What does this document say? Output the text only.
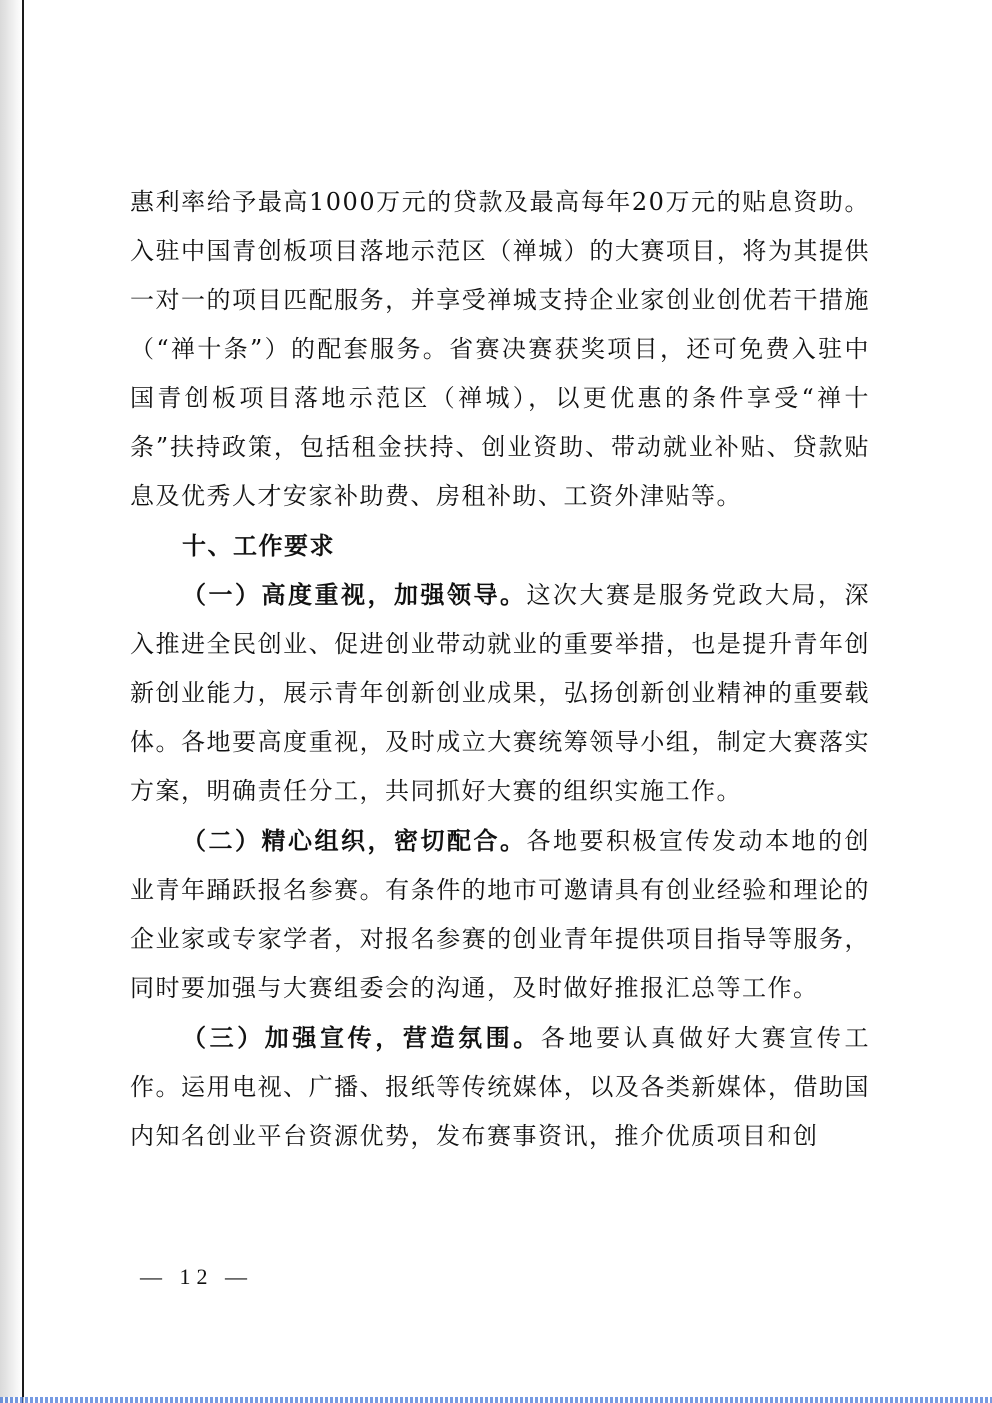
惠利率给予最高1000万元的贷款及最高每年20万元的贴息资助。入驻中国青创板项目落地示范区（禅城）的大赛项目，将为其提供一对一的项目匹配服务，并享受禅城支持企业家创业创优若干措施（“禅十条”）的配套服务。省赛决赛获奖项目，还可免费入驻中国青创板项目落地示范区（禅城），以更优惠的条件享受“禅十条”扶持政策，包括租金扶持、创业资助、带动就业补贴、贷款贴息及优秀人才安家补助费、房租补助、工资外津贴等。

十、工作要求

（一）高度重视，加强领导。这次大赛是服务党政大局，深入推进全民创业、促进创业带动就业的重要举措，也是提升青年创新创业能力，展示青年创新创业成果，弘扬创新创业精神的重要载体。各地要高度重视，及时成立大赛统筹领导小组，制定大赛落实方案，明确责任分工，共同抓好大赛的组织实施工作。

（二）精心组织，密切配合。各地要积极宣传发动本地的创业青年踊跃报名参赛。有条件的地市可邀请具有创业经验和理论的企业家或专家学者，对报名参赛的创业青年提供项目指导等服务，同时要加强与大赛组委会的沟通，及时做好推报汇总等工作。

（三）加强宣传，营造氛围。各地要认真做好大赛宣传工作。运用电视、广播、报纸等传统媒体，以及各类新媒体，借助国内知名创业平台资源优势，发布赛事资讯，推介优质项目和创

— 12 —
